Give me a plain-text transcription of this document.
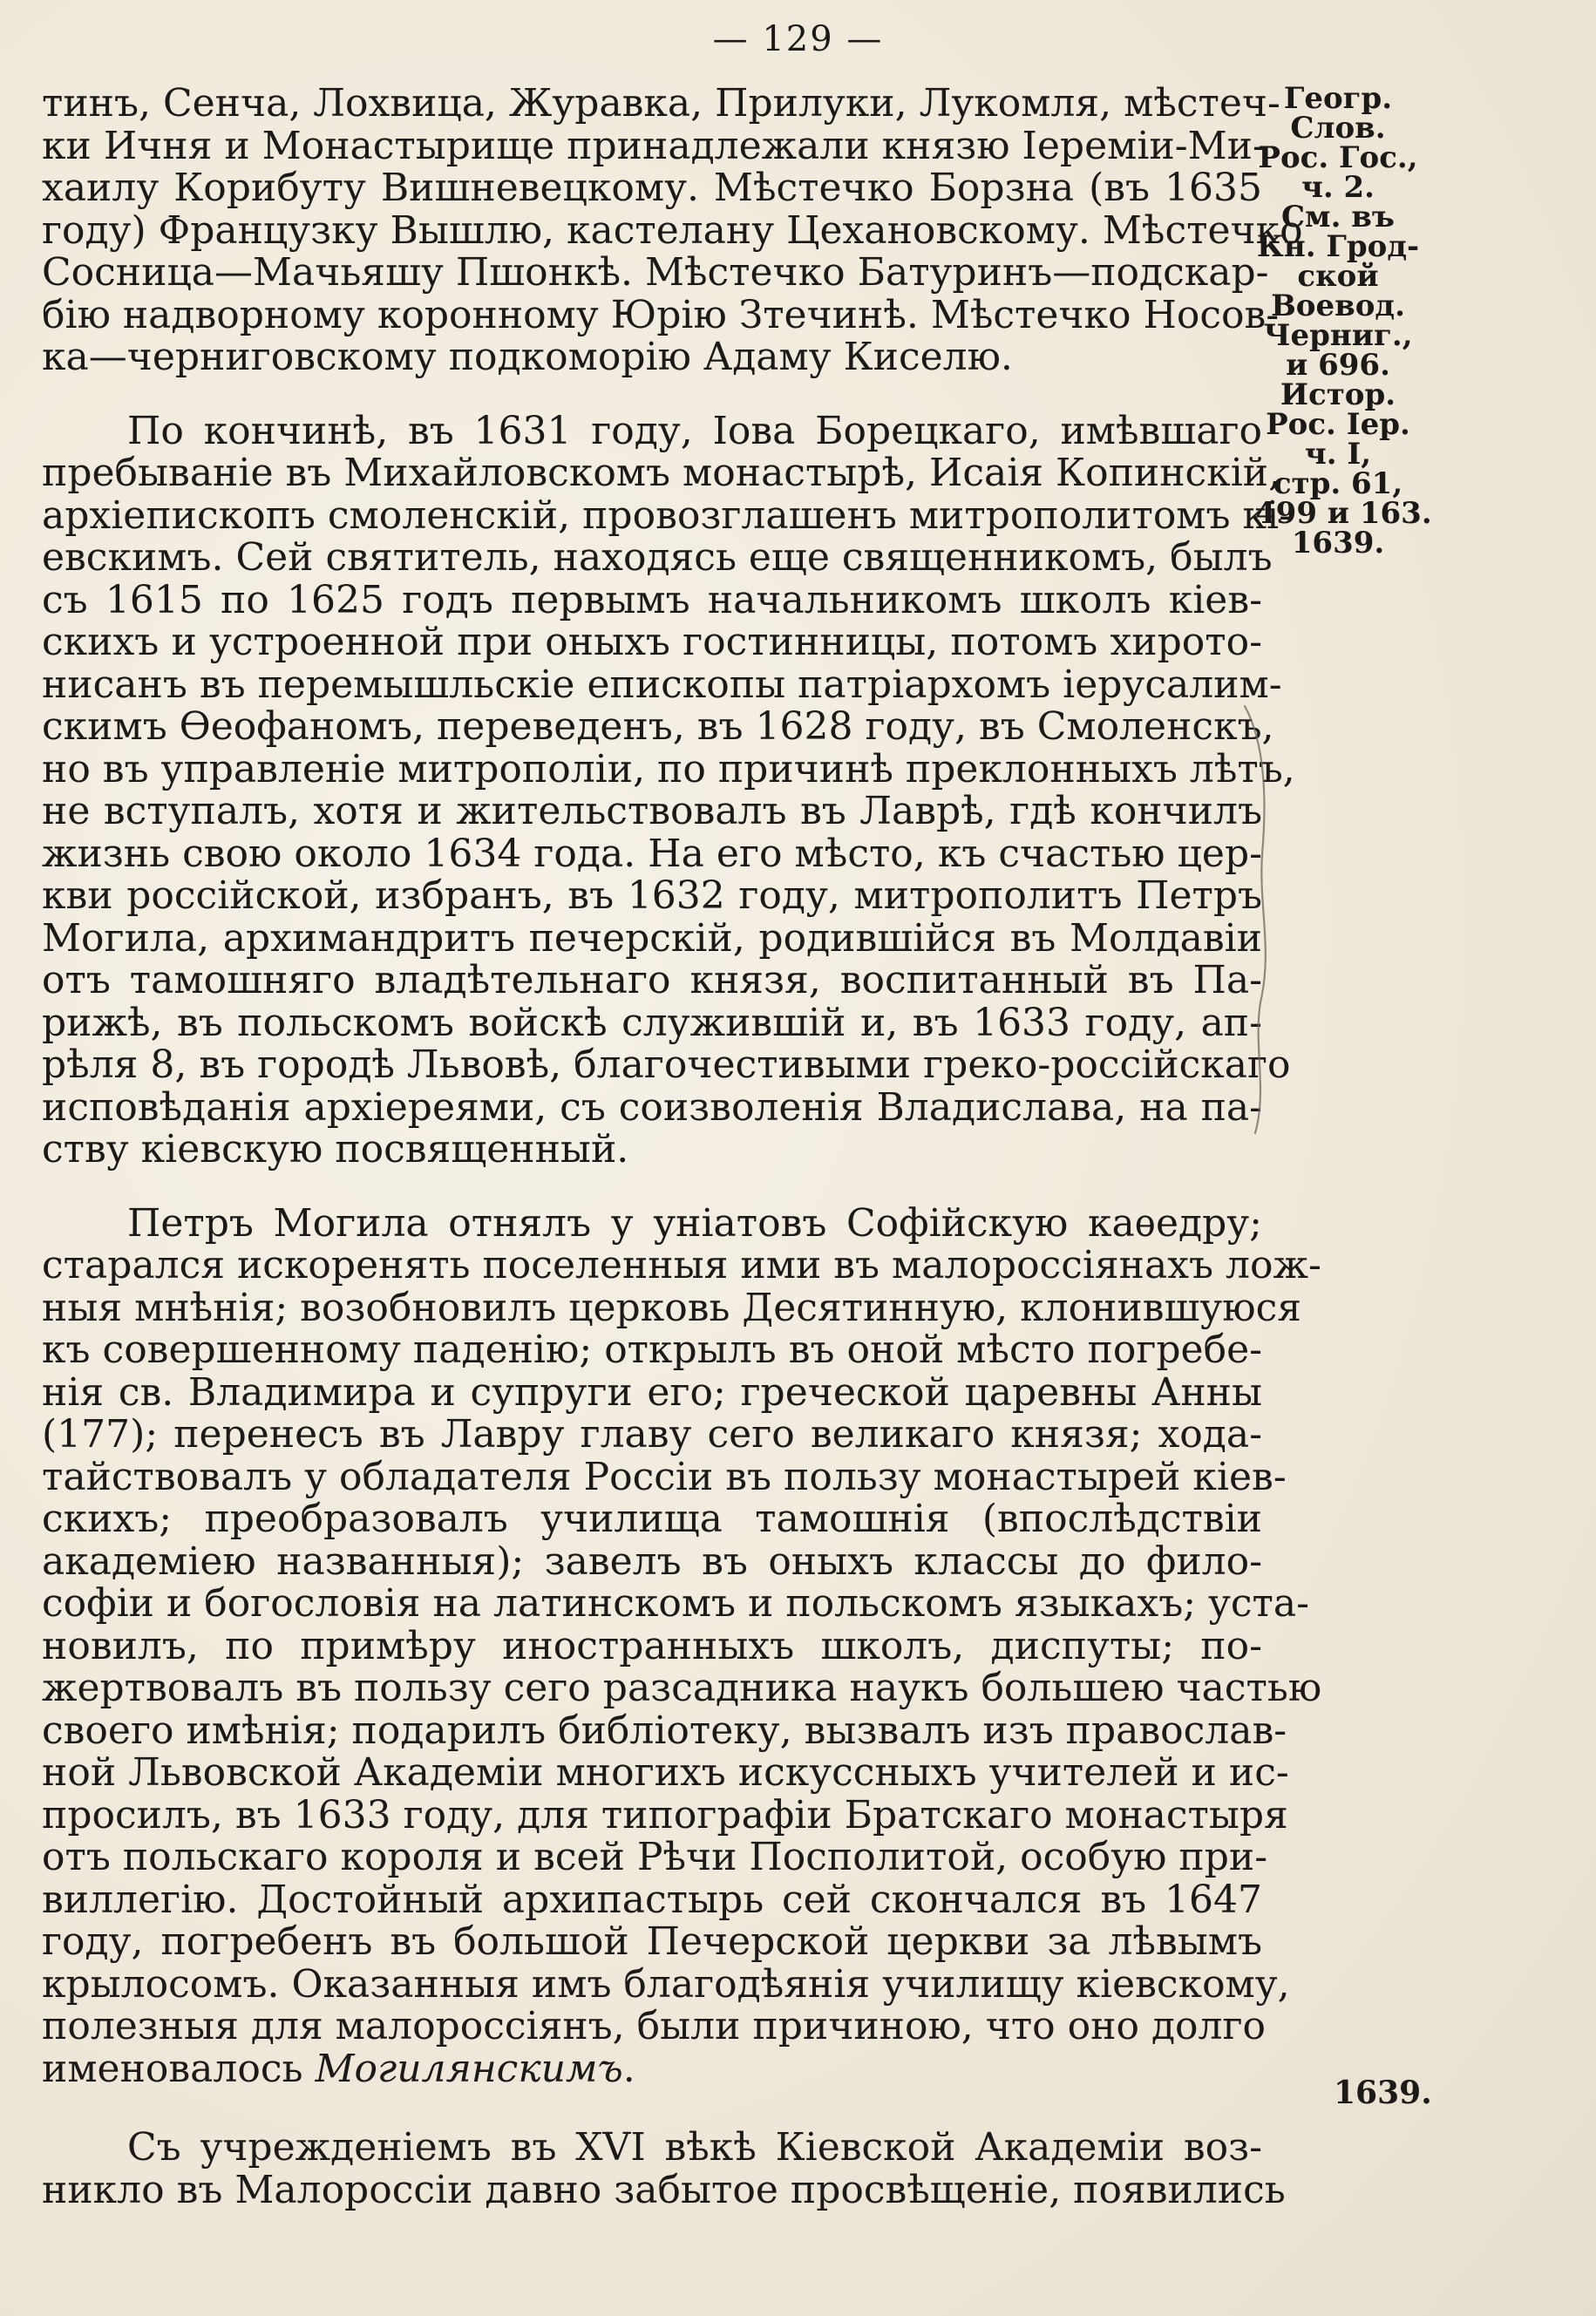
— 129 —
тинъ, Сенча, Лохвица, Журавка, Прилуки, Лукомля, мѣстеч-
ки Ичня и Монастырище принадлежали князю Іереміи-Ми-
хаилу Корибуту Вишневецкому. Мѣстечко Борзна (въ 1635
году) Французку Вышлю, кастелану Цехановскому. Мѣстечко
Сосница—Мачьяшу Пшонкѣ. Мѣстечко Батуринъ—подскар-
бію надворному коронному Юрію Зтечинѣ. Мѣстечко Носов-
ка—черниговскому подкоморію Адаму Киселю.
По кончинѣ, въ 1631 году, Іова Борецкаго, имѣвшаго
пребываніе въ Михайловскомъ монастырѣ, Исаія Копинскій,
архіепископъ смоленскій, провозглашенъ митрополитомъ кі-
евскимъ. Сей святитель, находясь еще священникомъ, былъ
съ 1615 по 1625 годъ первымъ начальникомъ школъ кіев-
скихъ и устроенной при оныхъ гостинницы, потомъ хирото-
нисанъ въ перемышльскіе епископы патріархомъ іерусалим-
скимъ Ѳеофаномъ, переведенъ, въ 1628 году, въ Смоленскъ,
но въ управленіе митрополіи, по причинѣ преклонныхъ лѣтъ,
не вступалъ, хотя и жительствовалъ въ Лаврѣ, гдѣ кончилъ
жизнь свою около 1634 года. На его мѣсто, къ счастью цер-
кви россійской, избранъ, въ 1632 году, митрополитъ Петръ
Могила, архимандритъ печерскій, родившійся въ Молдавіи
отъ тамошняго владѣтельнаго князя, воспитанный въ Па-
рижѣ, въ польскомъ войскѣ служившій и, въ 1633 году, ап-
рѣля 8, въ городѣ Львовѣ, благочестивыми греко-россійскаго
исповѣданія архіереями, съ соизволенія Владислава, на па-
ству кіевскую посвященный.
Петръ Могила отнялъ у уніатовъ Софійскую каѳедру;
старался искоренять поселенныя ими въ малороссіянахъ лож-
ныя мнѣнія; возобновилъ церковь Десятинную, клонившуюся
къ совершенному паденію; открылъ въ оной мѣсто погребе-
нія св. Владимира и супруги его; греческой царевны Анны
(177); перенесъ въ Лавру главу сего великаго князя; хода-
тайствовалъ у обладателя Россіи въ пользу монастырей кіев-
скихъ; преобразовалъ училища тамошнія (впослѣдствіи
академіею названныя); завелъ въ оныхъ классы до фило-
софіи и богословія на латинскомъ и польскомъ языкахъ; уста-
новилъ, по примѣру иностранныхъ школъ, диспуты; по-
жертвовалъ въ пользу сего разсадника наукъ большею частью
своего имѣнія; подарилъ библіотеку, вызвалъ изъ православ-
ной Львовской Академіи многихъ искуссныхъ учителей и ис-
просилъ, въ 1633 году, для типографіи Братскаго монастыря
отъ польскаго короля и всей Рѣчи Посполитой, особую при-
виллегію. Достойный архипастырь сей скончался въ 1647
году, погребенъ въ большой Печерской церкви за лѣвымъ
крылосомъ. Оказанныя имъ благодѣянія училищу кіевскому,
полезныя для малороссіянъ, были причиною, что оно долго
именовалось Могилянскимъ.
Съ учрежденіемъ въ XVI вѣкѣ Кіевской Академіи воз-
никло въ Малороссіи давно забытое просвѣщеніе, появились
Геогр.
Слов.
Рос. Гос.,
ч. 2.
См. въ
Кн. Грод-
ской
Воевод.
Черниг.,
и 696.
Истор.
Рос. Іер.
ч. I,
стр. 61,
499 и 163.
1639.
1639.
